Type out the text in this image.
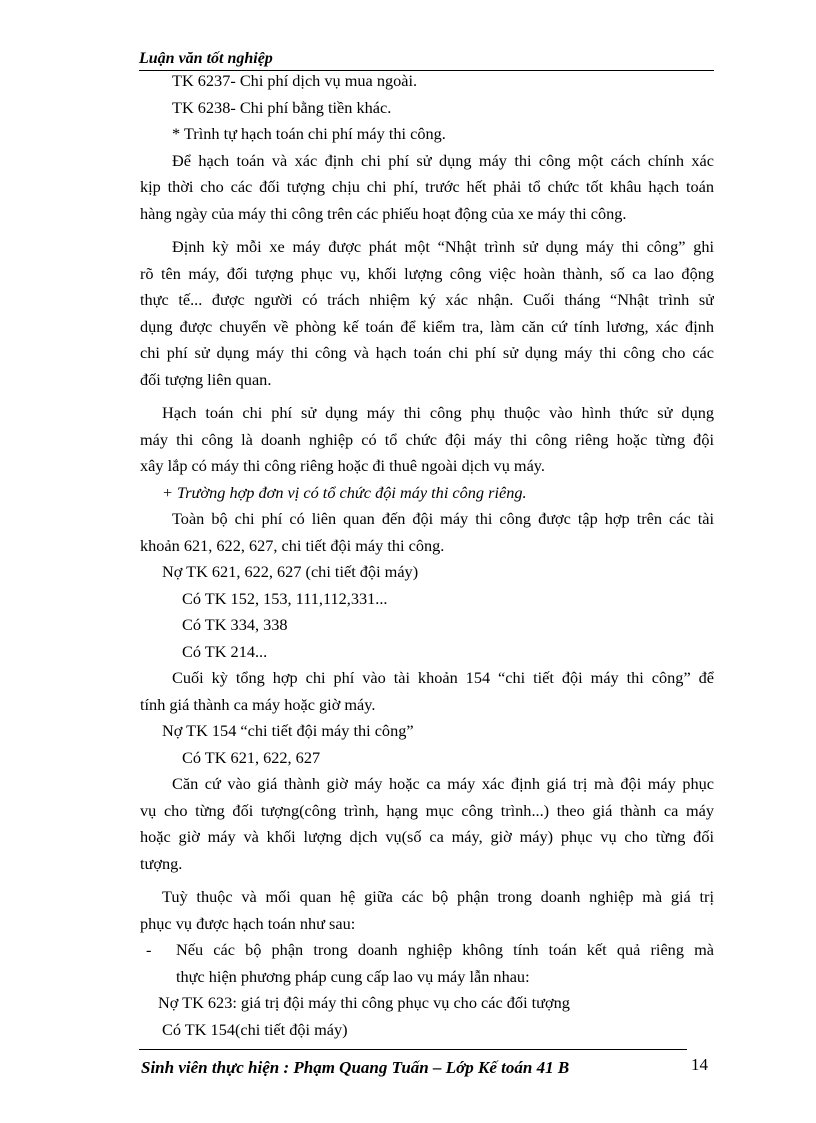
Luận văn tốt nghiệp
TK 6237- Chi phí dịch vụ mua ngoài.
TK 6238- Chi phí bằng tiền khác.
* Trình tự hạch toán chi phí máy thi công.
Để hạch toán và xác định chi phí sử dụng máy thi công một cách chính xác
kịp thời cho các đối tượng chịu chi phí, trước hết phải tổ chức tốt khâu hạch toán
hàng ngày của máy thi công trên các phiếu hoạt động của xe máy thi công.
Định kỳ mỗi xe máy được phát một “Nhật trình sử dụng máy thi công” ghi
rõ tên máy, đối tượng phục vụ, khối lượng công việc hoàn thành, số ca lao động
thực tế... được người có trách nhiệm ký xác nhận. Cuối tháng “Nhật trình sử
dụng được chuyển về phòng kế toán để kiểm tra, làm căn cứ tính lương, xác định
chi phí sử dụng máy thi công và hạch toán chi phí sử dụng máy thi công cho các
đối tượng liên quan.
Hạch toán chi phí sử dụng máy thi công phụ thuộc vào hình thức sử dụng
máy thi công là doanh nghiệp có tổ chức đội máy thi công riêng hoặc từng đội
xây lắp có máy thi công riêng hoặc đi thuê ngoài dịch vụ máy.
+ Trường hợp đơn vị có tổ chức đội máy thi công riêng.
Toàn bộ chi phí có liên quan đến đội máy thi công được tập hợp trên các tài
khoản 621, 622, 627, chi tiết đội máy thi công.
Nợ TK 621, 622, 627 (chi tiết đội máy)
Có TK 152, 153, 111,112,331...
Có TK 334, 338
Có TK 214...
Cuối kỳ tổng hợp chi phí vào tài khoản 154 “chi tiết đội máy thi công” để
tính giá thành ca máy hoặc giờ máy.
Nợ TK 154 “chi tiết đội máy thi công”
Có TK 621, 622, 627
Căn cứ vào giá thành giờ máy hoặc ca máy xác định giá trị mà đội máy phục
vụ cho từng đối tượng(công trình, hạng mục công trình...) theo giá thành ca máy
hoặc giờ máy và khối lượng dịch vụ(số ca máy, giờ máy) phục vụ cho từng đối
tượng.
Tuỳ thuộc và mối quan hệ giữa các bộ phận trong doanh nghiệp mà giá trị
phục vụ được hạch toán như sau:
-	Nếu các bộ phận trong doanh nghiệp không tính toán kết quả riêng mà
thực hiện phương pháp cung cấp lao vụ máy lẫn nhau:
Nợ TK 623: giá trị đội máy thi công phục vụ cho các đối tượng
Có TK 154(chi tiết đội máy)
Sinh viên thực hiện : Phạm Quang Tuấn – Lớp Kế toán 41 B	14
